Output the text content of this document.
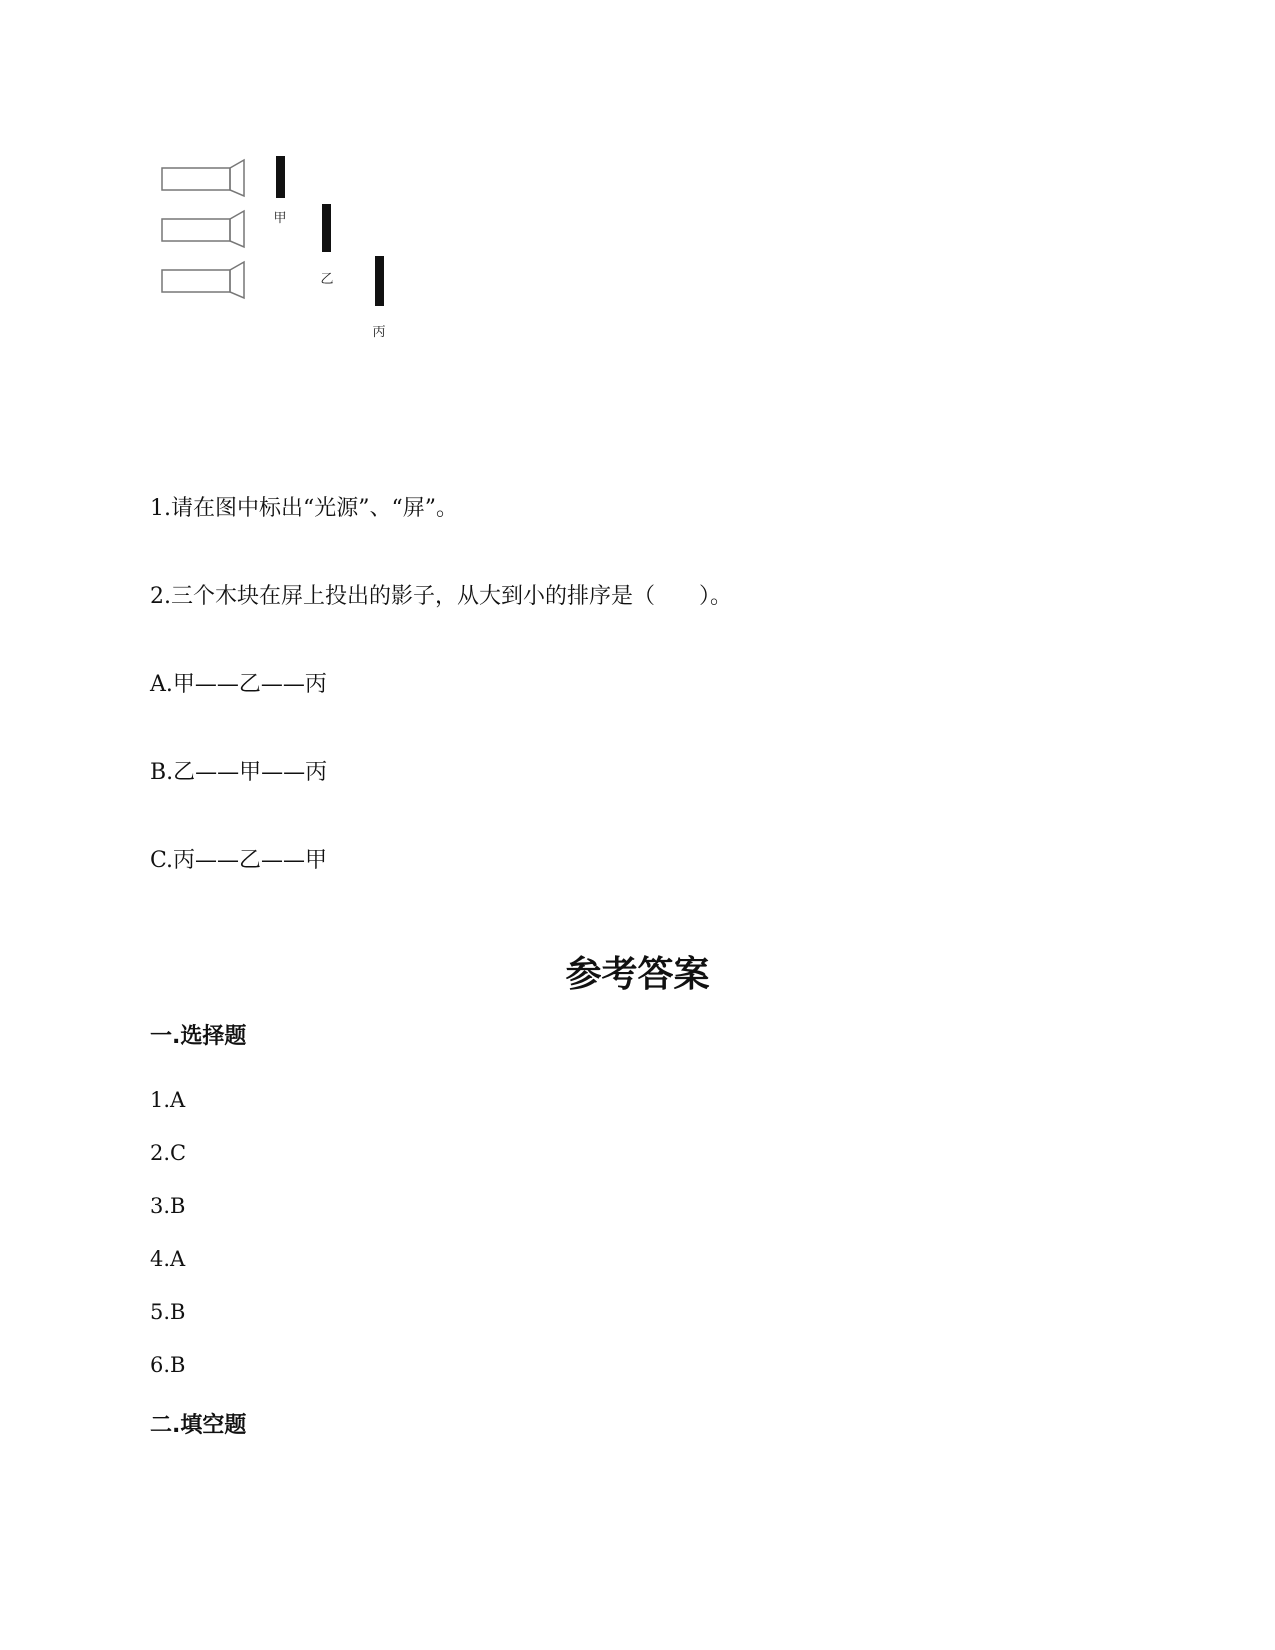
甲
乙
丙
1.请在图中标出“光源”、“屏”。
2.三个木块在屏上投出的影子，从大到小的排序是（　　）。
A.甲——乙——丙
B.乙——甲——丙
C.丙——乙——甲
参考答案
一.选择题
1.A
2.C
3.B
4.A
5.B
6.B
二.填空题
